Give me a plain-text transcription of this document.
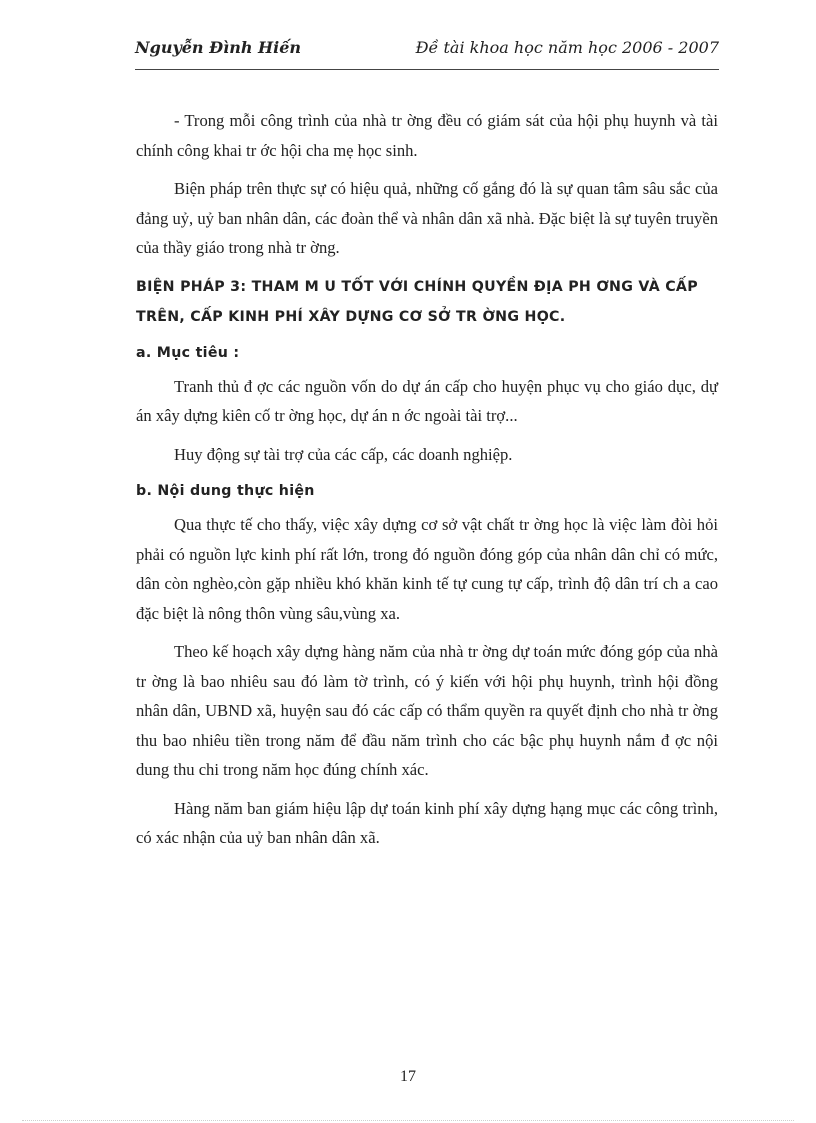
Nguyễn Đình Hiến	Đề tài khoa học năm học 2006 - 2007

- Trong mỗi công trình của nhà tr ờng đều có giám sát của hội phụ huynh và tài chính công khai tr ớc hội cha mẹ học sinh.

Biện pháp trên thực sự có hiệu quả, những cố gắng đó là sự quan tâm sâu sắc của đảng uỷ, uỷ ban nhân dân, các đoàn thể và nhân dân xã nhà. Đặc biệt là sự tuyên truyền của thầy giáo trong nhà tr ờng.

BIỆN PHÁP 3: THAM M U TỐT VỚI CHÍNH QUYỀN ĐỊA PH ƠNG VÀ CẤP TRÊN, CẤP KINH PHÍ XÂY DỰNG CƠ SỞ TR ỜNG HỌC.
a. Mục tiêu :

Tranh thủ đ ợc các nguồn vốn do dự án cấp cho huyện phục vụ cho giáo dục, dự án xây dựng kiên cố tr ờng học, dự án n ớc ngoài tài trợ...

Huy động sự tài trợ của các cấp, các doanh nghiệp.

b. Nội dung thực hiện

Qua thực tế cho thấy, việc xây dựng cơ sở vật chất tr ờng học là việc làm đòi hỏi phải có nguồn lực kinh phí rất lớn, trong đó nguồn đóng góp của nhân dân chỉ có mức, dân còn nghèo,còn gặp nhiều khó khăn kinh tế tự cung tự cấp, trình độ dân trí ch a cao đặc biệt là nông thôn vùng sâu,vùng xa.

Theo kế hoạch xây dựng hàng năm của nhà tr ờng dự toán mức đóng góp của nhà tr ờng là bao nhiêu sau đó làm tờ trình, có ý kiến với hội phụ huynh, trình hội đồng nhân dân, UBND xã, huyện sau đó các cấp có thẩm quyền ra quyết định cho nhà tr ờng thu bao nhiêu tiền trong năm để đầu năm trình cho các bậc phụ huynh nắm đ ợc nội dung thu chi trong năm học đúng chính xác.

Hàng năm ban giám hiệu lập dự toán kinh phí xây dựng hạng mục các công trình, có xác nhận của uỷ ban nhân dân xã.

17
